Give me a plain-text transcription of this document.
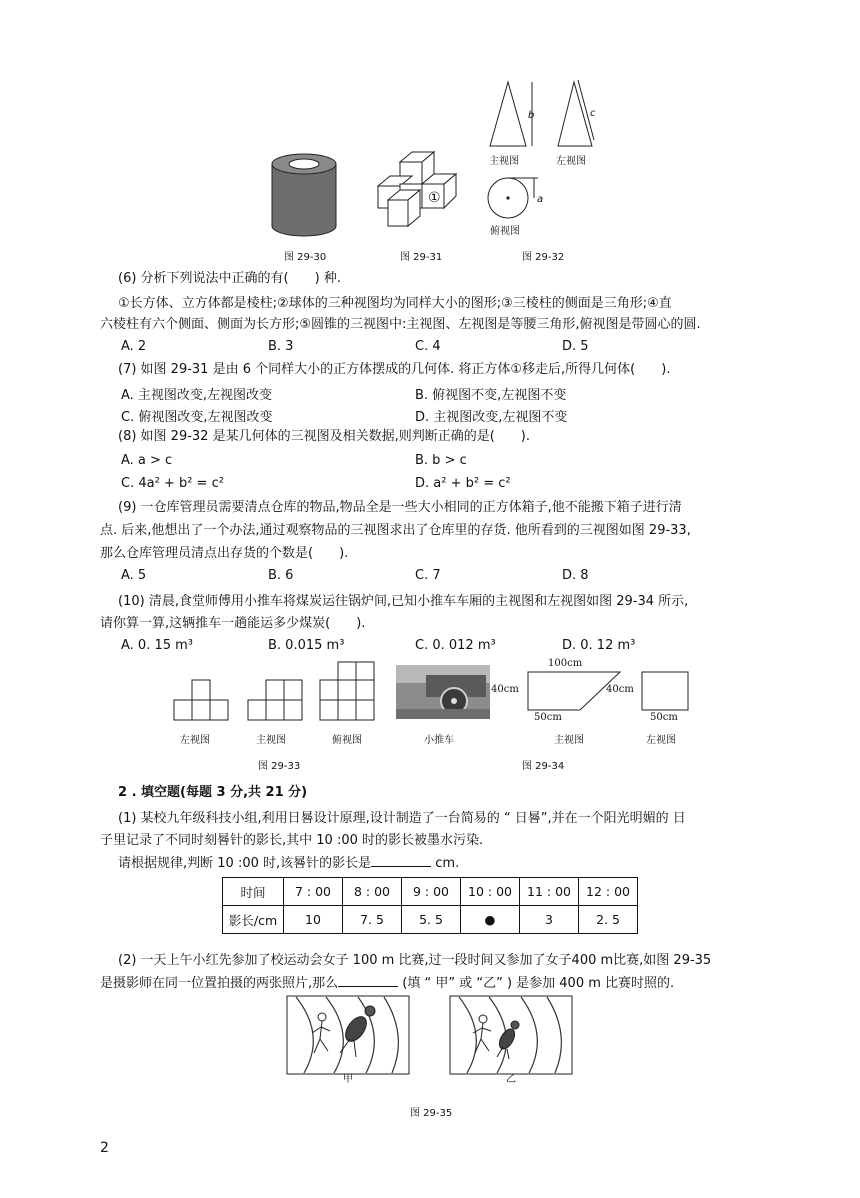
图 29-30
①
图 29-31
b	c
a
主视图	左视图
俯视图
图 29-32
(6) 分析下列说法中正确的有(　　) 种.
①长方体、立方体都是棱柱;②球体的三种视图均为同样大小的图形;③三棱柱的侧面是三角形;④直
六棱柱有六个侧面、侧面为长方形;⑤圆锥的三视图中:主视图、左视图是等腰三角形,俯视图是带圆心的圆.
A. 2	B. 3	C. 4	D. 5
(7) 如图 29-31 是由 6 个同样大小的正方体摆成的几何体. 将正方体①移走后,所得几何体(　　).
A. 主视图改变,左视图改变	B. 俯视图不变,左视图不变
C. 俯视图改变,左视图改变	D. 主视图改变,左视图不变
(8) 如图 29-32 是某几何体的三视图及相关数据,则判断正确的是(　　).
A. a > c	B. b > c
C. 4a² + b² = c²	D. a² + b² = c²
(9) 一仓库管理员需要清点仓库的物品,物品全是一些大小相同的正方体箱子,他不能搬下箱子进行清
点. 后来,他想出了一个办法,通过观察物品的三视图求出了仓库里的存货. 他所看到的三视图如图 29-33,
那么仓库管理员清点出存货的个数是(　　).
A. 5	B. 6	C. 7	D. 8
(10) 清晨,食堂师傅用小推车将煤炭运往锅炉间,已知小推车车厢的主视图和左视图如图 29-34 所示,
请你算一算,这辆推车一趟能运多少煤炭(　　).
A. 0. 15 m³	B. 0.015 m³	C. 0. 012 m³	D. 0. 12 m³
左视图	主视图	俯视图
图 29-33
100cm
40cm	40cm
50cm	50cm
小推车	主视图	左视图
图 29-34
2 . 填空题(每题 3 分,共 21 分)
(1) 某校九年级科技小组,利用日晷设计原理,设计制造了一台简易的 “ 日晷”,并在一个阳光明媚的 日
子里记录了不同时刻晷针的影长,其中 10 :00 时的影长被墨水污染.
请根据规律,判断 10 :00 时,该晷针的影长是	cm.
时间	7 : 00	8 : 00	9 : 00	10 : 00	11 : 00	12 : 00
影长/cm	10	7. 5	5. 5	●	3	2. 5
(2) 一天上午小红先参加了校运动会女子 100 m 比赛,过一段时间又参加了女子400 m比赛,如图 29-35
是摄影师在同一位置拍摄的两张照片,那么	(填 “ 甲” 或 “乙” ) 是参加 400 m 比赛时照的.
甲	乙
图 29-35
2
